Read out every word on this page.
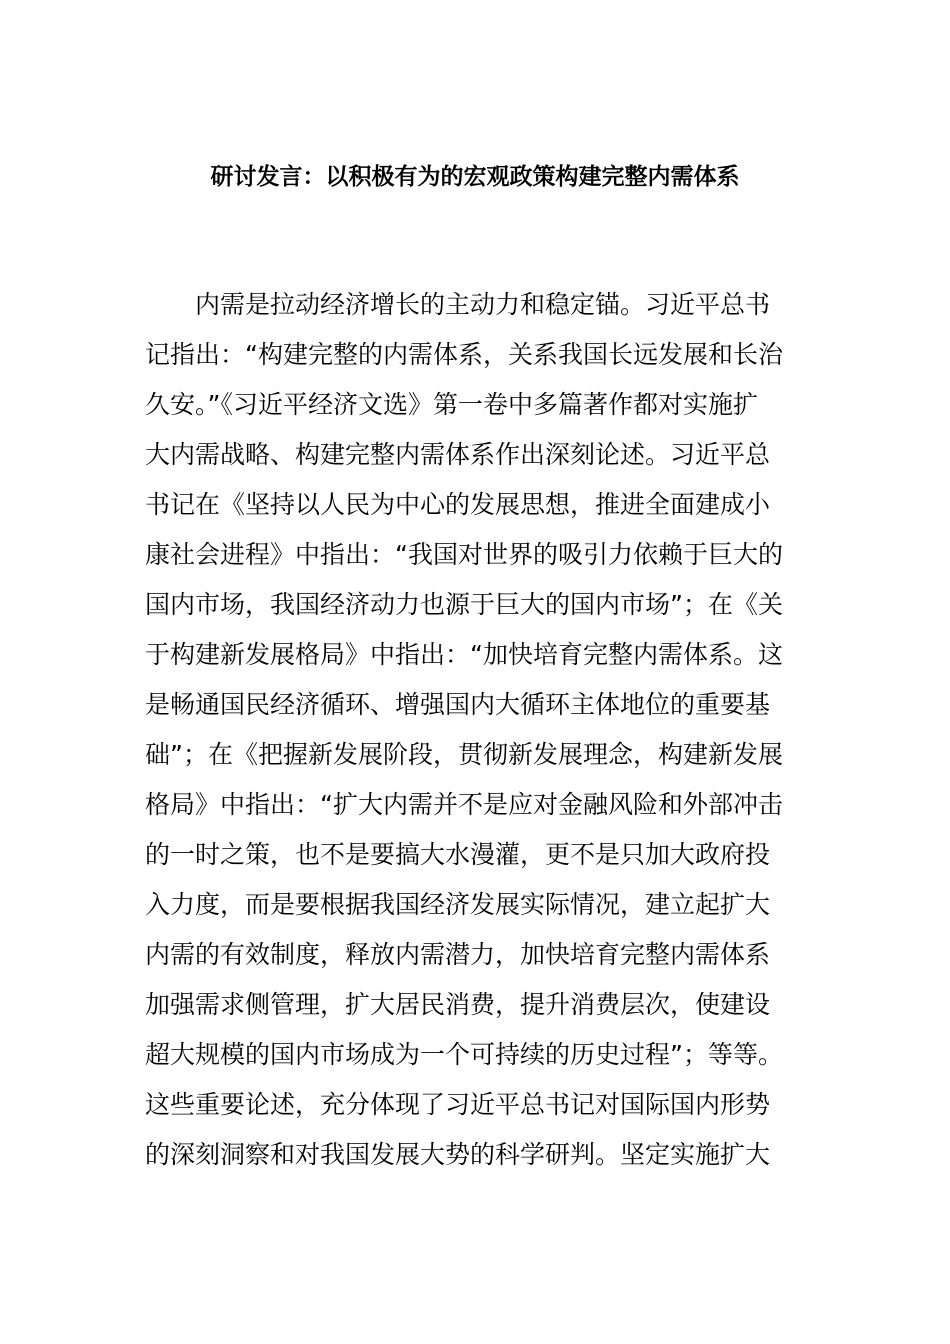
研讨发言：以积极有为的宏观政策构建完整内需体系
内需是拉动经济增长的主动力和稳定锚。习近平总书
记指出：“构建完整的内需体系，关系我国长远发展和长治
久安。”《习近平经济文选》第一卷中多篇著作都对实施扩
大内需战略、构建完整内需体系作出深刻论述。习近平总
书记在《坚持以人民为中心的发展思想，推进全面建成小
康社会进程》中指出：“我国对世界的吸引力依赖于巨大的
国内市场，我国经济动力也源于巨大的国内市场”；在《关
于构建新发展格局》中指出：“加快培育完整内需体系。这
是畅通国民经济循环、增强国内大循环主体地位的重要基
础”；在《把握新发展阶段，贯彻新发展理念，构建新发展
格局》中指出：“扩大内需并不是应对金融风险和外部冲击
的一时之策，也不是要搞大水漫灌，更不是只加大政府投
入力度，而是要根据我国经济发展实际情况，建立起扩大
内需的有效制度，释放内需潜力，加快培育完整内需体系
加强需求侧管理，扩大居民消费，提升消费层次，使建设
超大规模的国内市场成为一个可持续的历史过程”；等等。
这些重要论述，充分体现了习近平总书记对国际国内形势
的深刻洞察和对我国发展大势的科学研判。坚定实施扩大
